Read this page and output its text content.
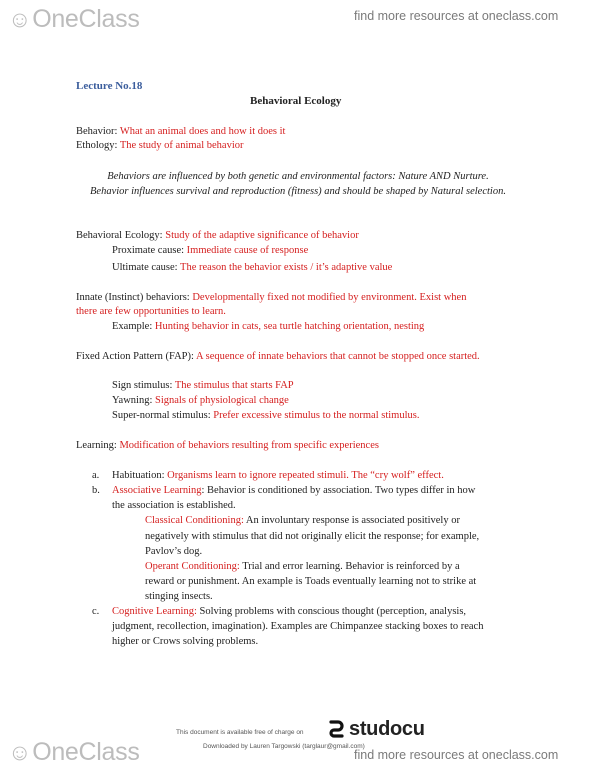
☺OneClass	find more resources at oneclass.com
Lecture No.18
Behavioral Ecology
Behavior: What an animal does and how it does it
Ethology: The study of animal behavior
Behaviors are influenced by both genetic and environmental factors: Nature AND Nurture. Behavior influences survival and reproduction (fitness) and should be shaped by Natural selection.
Behavioral Ecology: Study of the adaptive significance of behavior
Proximate cause: Immediate cause of response
Ultimate cause: The reason the behavior exists / it’s adaptive value
Innate (Instinct) behaviors: Developmentally fixed not modified by environment. Exist when
there are few opportunities to learn.
Example: Hunting behavior in cats, sea turtle hatching orientation, nesting
Fixed Action Pattern (FAP): A sequence of innate behaviors that cannot be stopped once started.
Sign stimulus: The stimulus that starts FAP
Yawning: Signals of physiological change
Super-normal stimulus: Prefer excessive stimulus to the normal stimulus.
Learning: Modification of behaviors resulting from specific experiences
a. Habituation: Organisms learn to ignore repeated stimuli. The “cry wolf” effect.
b. Associative Learning: Behavior is conditioned by association. Two types differ in how
the association is established.
Classical Conditioning: An involuntary response is associated positively or
negatively with stimulus that did not originally elicit the response; for example,
Pavlov’s dog.
Operant Conditioning: Trial and error learning. Behavior is reinforced by a
reward or punishment. An example is Toads eventually learning not to strike at
stinging insects.
c. Cognitive Learning: Solving problems with conscious thought (perception, analysis,
judgment, recollection, imagination). Examples are Chimpanzee stacking boxes to reach
higher or Crows solving problems.
This document is available free of charge on studocu
Downloaded by Lauren Targowski (targlaur@gmail.com)
☺OneClass	find more resources at oneclass.com
